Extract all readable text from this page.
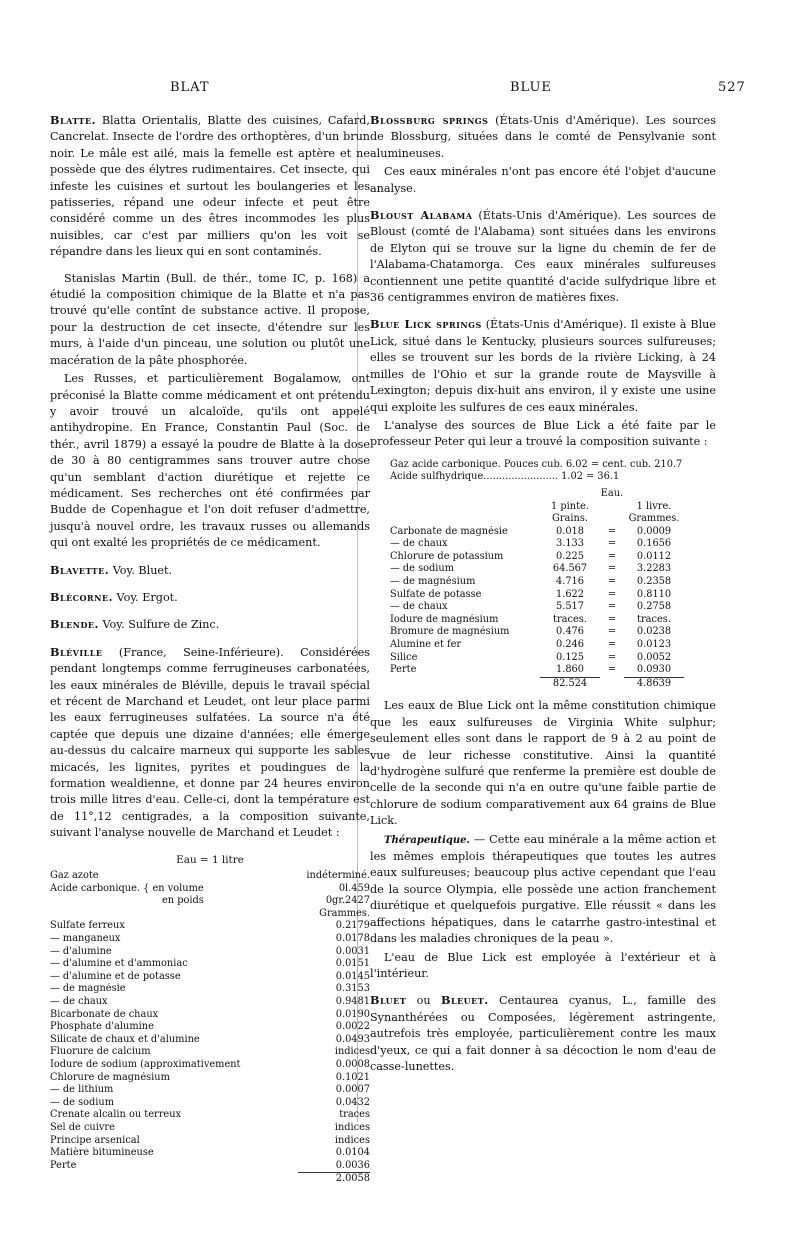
BLAT	BLUE	527

Blatte. Blatta Orientalis, Blatte des cuisines, Cafard, Cancrelat. Insecte de l'ordre des orthoptères, d'un brun noir. Le mâle est ailé, mais la femelle est aptère et ne possède que des élytres rudimentaires. Cet insecte, qui infeste les cuisines et surtout les boulangeries et les patisseries, répand une odeur infecte et peut être considéré comme un des êtres incommodes les plus nuisibles, car c'est par milliers qu'on les voit se répandre dans les lieux qui en sont contaminés.

Stanislas Martin (Bull. de thér., tome IC, p. 168) a étudié la composition chimique de la Blatte et n'a pas trouvé qu'elle contînt de substance active. Il propose, pour la destruction de cet insecte, d'étendre sur les murs, à l'aide d'un pinceau, une solution ou plutôt une macération de la pâte phosphorée.

Les Russes, et particulièrement Bogalamow, ont préconisé la Blatte comme médicament et ont prétendu y avoir trouvé un alcaloïde, qu'ils ont appelé antihydropine. En France, Constantin Paul (Soc. de thér., avril 1879) a essayé la poudre de Blatte à la dose de 30 à 80 centigrammes sans trouver autre chose qu'un semblant d'action diurétique et rejette ce médicament. Ses recherches ont été confirmées par Budde de Copenhague et l'on doit refuser d'admettre, jusqu'à nouvel ordre, les travaux russes ou allemands qui ont exalté les propriétés de ce médicament.

Blavette. Voy. Bluet.

Blécorne. Voy. Ergot.

Blende. Voy. Sulfure de Zinc.

Bléville (France, Seine-Inférieure). Considérées pendant longtemps comme ferrugineuses carbonatées, les eaux minérales de Bléville, depuis le travail spécial et récent de Marchand et Leudet, ont leur place parmi les eaux ferrugineuses sulfatées. La source n'a été captée que depuis une dizaine d'années; elle émerge au-dessus du calcaire marneux qui supporte les sables micacés, les lignites, pyrites et poudingues de la formation wealdienne, et donne par 24 heures environ trois mille litres d'eau. Celle-ci, dont la température est de 11°,12 centigrades, a la composition suivante, suivant l'analyse nouvelle de Marchand et Leudet :

Eau = 1 litre
Gaz azote	indéterminé.
Acide carbonique. { en volume	0l.459
en poids	0gr.2427
	Grammes.
Sulfate ferreux	0.2179
— manganeux	0.0178
— d'alumine	0.0031
— d'alumine et d'ammoniac	0.0151
— d'alumine et de potasse	0.0145
— de magnésie	0.3153
— de chaux	0.9481
Bicarbonate de chaux	0.0190
Phosphate d'alumine	0.0022
Silicate de chaux et d'alumine	0.0493
Fluorure de calcium	indices
Iodure de sodium (approximativement	0.0008
Chlorure de magnésium	0.1021
— de lithium	0.0007
— de sodium	0.0432
Crenate alcalin ou terreux	traces
Sel de cuivre	indices
Principe arsenical	indices
Matière bitumineuse	0.0104
Perte	0.0036
	2.0058

Blossburg springs (États-Unis d'Amérique). Les sources de Blossburg, situées dans le comté de Pensylvanie sont alumineuses.

Ces eaux minérales n'ont pas encore été l'objet d'aucune analyse.

Bloust Alabama (États-Unis d'Amérique). Les sources de Bloust (comté de l'Alabama) sont situées dans les environs de Elyton qui se trouve sur la ligne du chemin de fer de l'Alabama-Chatamorga. Ces eaux minérales sulfureuses contiennent une petite quantité d'acide sulfydrique libre et 36 centigrammes environ de matières fixes.

Blue Lick springs (États-Unis d'Amérique). Il existe à Blue Lick, situé dans le Kentucky, plusieurs sources sulfureuses; elles se trouvent sur les bords de la rivière Licking, à 24 milles de l'Ohio et sur la grande route de Maysville à Lexington; depuis dix-huit ans environ, il y existe une usine qui exploite les sulfures de ces eaux minérales.

L'analyse des sources de Blue Lick a été faite par le professeur Peter qui leur a trouvé la composition suivante :

Gaz acide carbonique. Pouces cub. 6.02 = cent. cub. 210.7

Acide sulfhydrique........................ 1.02 = 36.1

	Eau.		
	1 pinte.		1 livre.
	Grains.		Grammes.
Carbonate de magnésie	0.018	=	0.0009
— de chaux	3.133	=	0.1656
Chlorure de potassium	0.225	=	0.0112
— de sodium	64.567	=	3.2283
— de magnésium	4.716	=	0.2358
Sulfate de potasse	1.622	=	0.8110
— de chaux	5.517	=	0.2758
Iodure de magnésium	traces.	=	traces.
Bromure de magnésium	0.476	=	0.0238
Alumine et fer	0.246	=	0.0123
Silice	0.125	=	0.0052
Perte	1.860	=	0.0930
	82.524		4.8639

Les eaux de Blue Lick ont la même constitution chimique que les eaux sulfureuses de Virginia White sulphur; seulement elles sont dans le rapport de 9 à 2 au point de vue de leur richesse constitutive. Ainsi la quantité d'hydrogène sulfuré que renferme la première est double de celle de la seconde qui n'a en outre qu'une faible partie de chlorure de sodium comparativement aux 64 grains de Blue Lick.

Thérapeutique. — Cette eau minérale a la même action et les mêmes emplois thérapeutiques que toutes les autres eaux sulfureuses; beaucoup plus active cependant que l'eau de la source Olympia, elle possède une action franchement diurétique et quelquefois purgative. Elle réussit « dans les affections hépatiques, dans le catarrhe gastro-intestinal et dans les maladies chroniques de la peau ».

L'eau de Blue Lick est employée à l'extérieur et à l'intérieur.

Bluet ou Bleuet. Centaurea cyanus, L., famille des Synanthérées ou Composées, légèrement astringente, autrefois très employée, particulièrement contre les maux d'yeux, ce qui a fait donner à sa décoction le nom d'eau de casse-lunettes.
